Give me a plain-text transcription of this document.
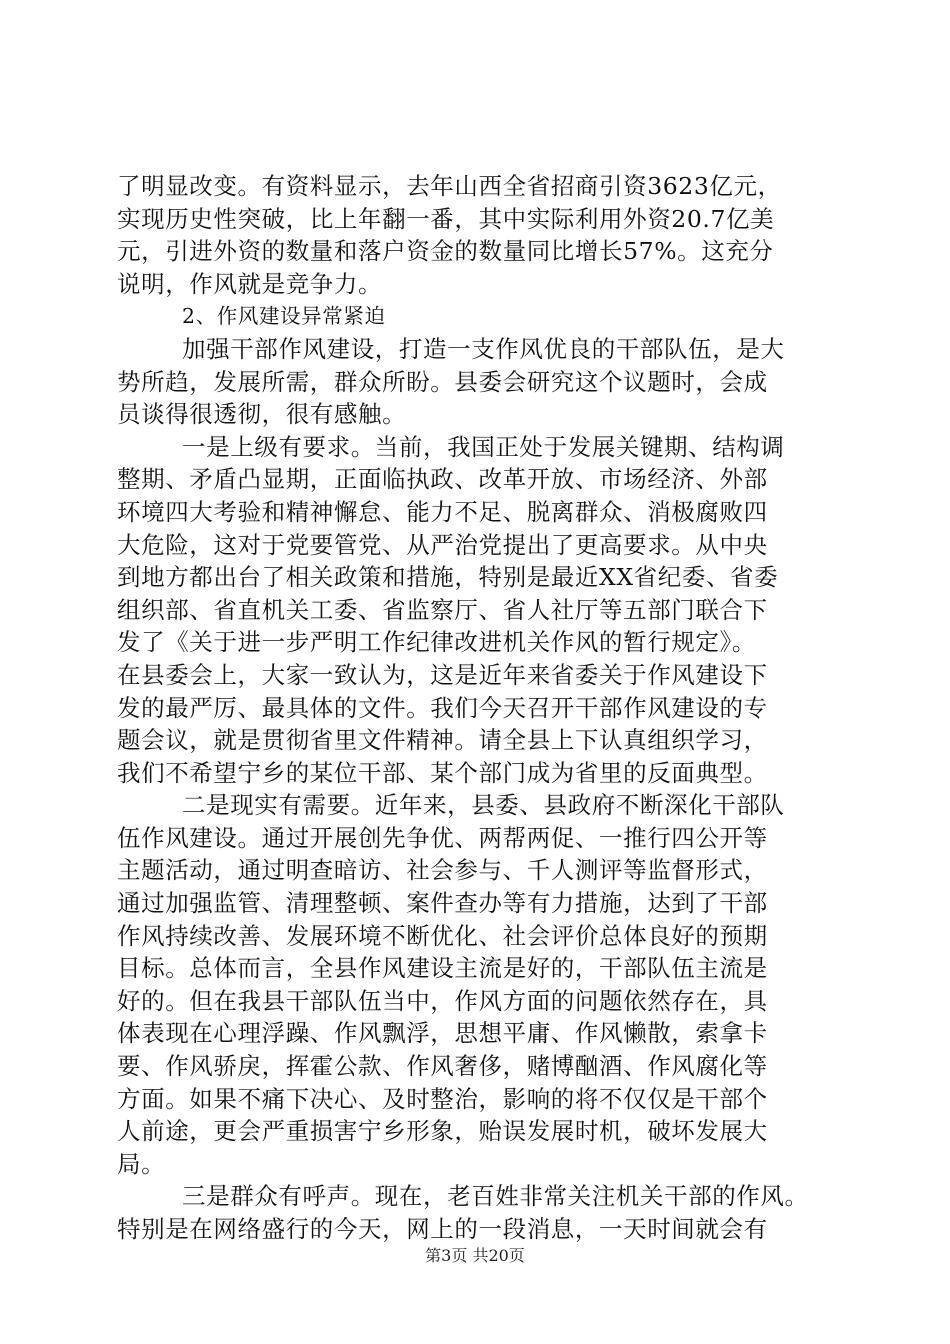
了明显改变。有资料显示，去年山西全省招商引资3623亿元，
实现历史性突破，比上年翻一番，其中实际利用外资20.7亿美
元，引进外资的数量和落户资金的数量同比增长57%。这充分
说明，作风就是竞争力。
2、作风建设异常紧迫
加强干部作风建设，打造一支作风优良的干部队伍，是大
势所趋，发展所需，群众所盼。县委会研究这个议题时，会成
员谈得很透彻，很有感触。
一是上级有要求。当前，我国正处于发展关键期、结构调
整期、矛盾凸显期，正面临执政、改革开放、市场经济、外部
环境四大考验和精神懈怠、能力不足、脱离群众、消极腐败四
大危险，这对于党要管党、从严治党提出了更高要求。从中央
到地方都出台了相关政策和措施，特别是最近XX省纪委、省委
组织部、省直机关工委、省监察厅、省人社厅等五部门联合下
发了《关于进一步严明工作纪律改进机关作风的暂行规定》。
在县委会上，大家一致认为，这是近年来省委关于作风建设下
发的最严厉、最具体的文件。我们今天召开干部作风建设的专
题会议，就是贯彻省里文件精神。请全县上下认真组织学习，
我们不希望宁乡的某位干部、某个部门成为省里的反面典型。
二是现实有需要。近年来，县委、县政府不断深化干部队
伍作风建设。通过开展创先争优、两帮两促、一推行四公开等
主题活动，通过明查暗访、社会参与、千人测评等监督形式，
通过加强监管、清理整顿、案件查办等有力措施，达到了干部
作风持续改善、发展环境不断优化、社会评价总体良好的预期
目标。总体而言，全县作风建设主流是好的，干部队伍主流是
好的。但在我县干部队伍当中，作风方面的问题依然存在，具
体表现在心理浮躁、作风飘浮，思想平庸、作风懒散，索拿卡
要、作风骄戾，挥霍公款、作风奢侈，赌博酗酒、作风腐化等
方面。如果不痛下决心、及时整治，影响的将不仅仅是干部个
人前途，更会严重损害宁乡形象，贻误发展时机，破坏发展大
局。
三是群众有呼声。现在，老百姓非常关注机关干部的作风。
特别是在网络盛行的今天，网上的一段消息，一天时间就会有
第3页 共20页
